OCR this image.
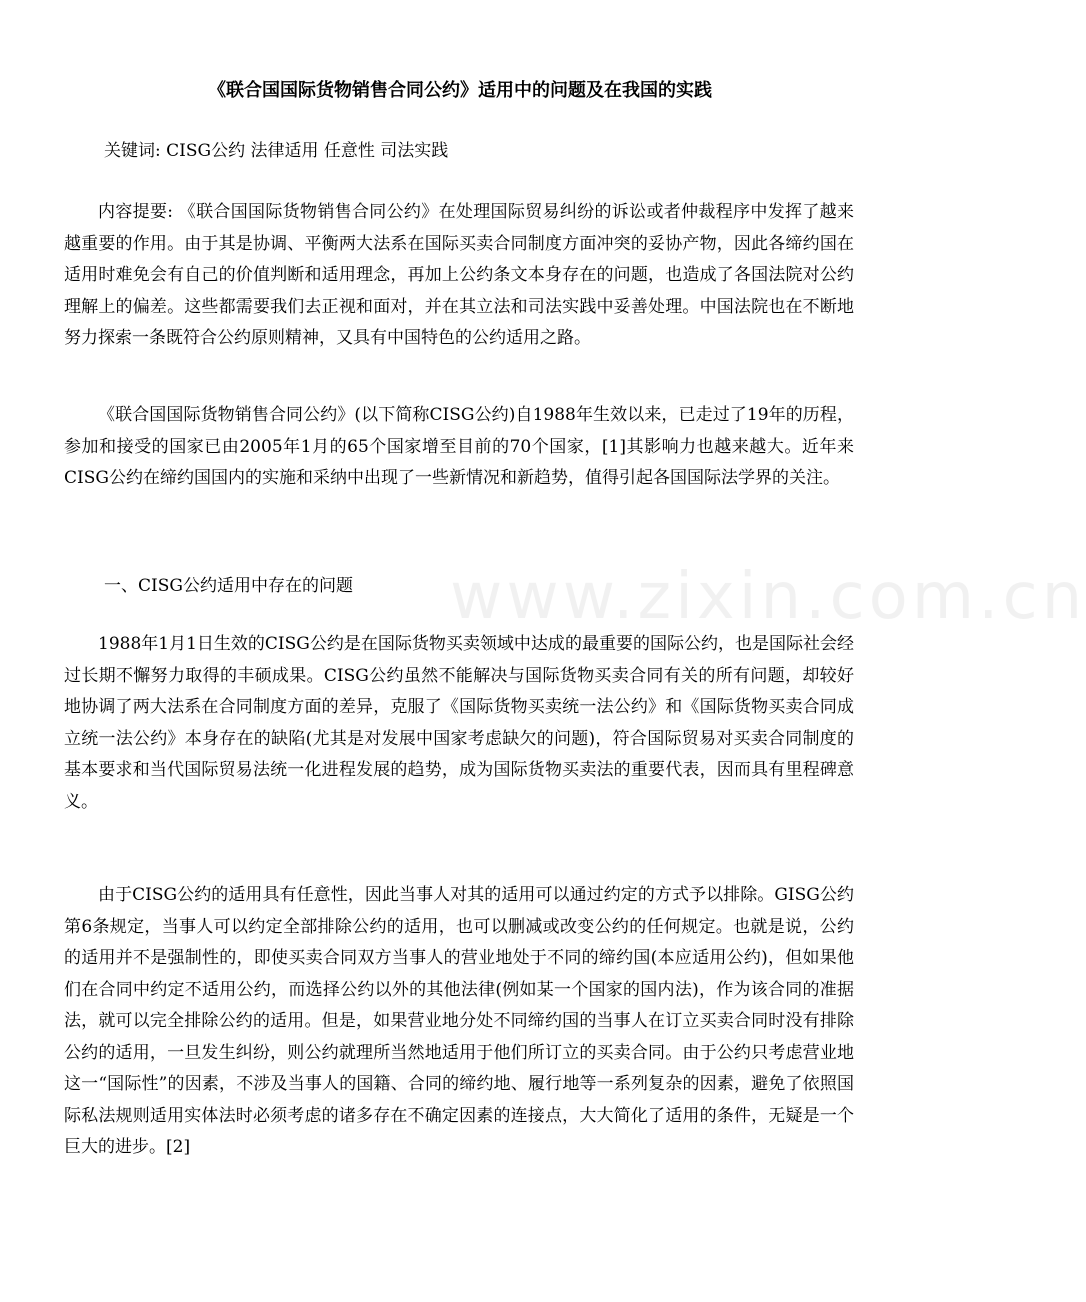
www.zixin.com.cn
《联合国国际货物销售合同公约》适用中的问题及在我国的实践
关键词: CISG公约 法律适用 任意性 司法实践

内容提要: 《联合国国际货物销售合同公约》在处理国际贸易纠纷的诉讼或者仲裁程序中发挥了越来越重要的作用。由于其是协调、平衡两大法系在国际买卖合同制度方面冲突的妥协产物，因此各缔约国在适用时难免会有自己的价值判断和适用理念，再加上公约条文本身存在的问题，也造成了各国法院对公约理解上的偏差。这些都需要我们去正视和面对，并在其立法和司法实践中妥善处理。中国法院也在不断地努力探索一条既符合公约原则精神，又具有中国特色的公约适用之路。

《联合国国际货物销售合同公约》(以下简称CISG公约)自1988年生效以来，已走过了19年的历程，参加和接受的国家已由2005年1月的65个国家增至目前的70个国家，[1]其影响力也越来越大。近年来CISG公约在缔约国国内的实施和采纳中出现了一些新情况和新趋势，值得引起各国国际法学界的关注。

一、CISG公约适用中存在的问题

1988年1月1日生效的CISG公约是在国际货物买卖领域中达成的最重要的国际公约，也是国际社会经过长期不懈努力取得的丰硕成果。CISG公约虽然不能解决与国际货物买卖合同有关的所有问题，却较好地协调了两大法系在合同制度方面的差异，克服了《国际货物买卖统一法公约》和《国际货物买卖合同成立统一法公约》本身存在的缺陷(尤其是对发展中国家考虑缺欠的问题)，符合国际贸易对买卖合同制度的基本要求和当代国际贸易法统一化进程发展的趋势，成为国际货物买卖法的重要代表，因而具有里程碑意义。

由于CISG公约的适用具有任意性，因此当事人对其的适用可以通过约定的方式予以排除。GISG公约第6条规定，当事人可以约定全部排除公约的适用，也可以删减或改变公约的任何规定。也就是说，公约的适用并不是强制性的，即使买卖合同双方当事人的营业地处于不同的缔约国(本应适用公约)，但如果他们在合同中约定不适用公约，而选择公约以外的其他法律(例如某一个国家的国内法)，作为该合同的准据法，就可以完全排除公约的适用。但是，如果营业地分处不同缔约国的当事人在订立买卖合同时没有排除公约的适用，一旦发生纠纷，则公约就理所当然地适用于他们所订立的买卖合同。由于公约只考虑营业地这一“国际性”的因素，不涉及当事人的国籍、合同的缔约地、履行地等一系列复杂的因素，避免了依照国际私法规则适用实体法时必须考虑的诸多存在不确定因素的连接点，大大简化了适用的条件，无疑是一个巨大的进步。[2]
